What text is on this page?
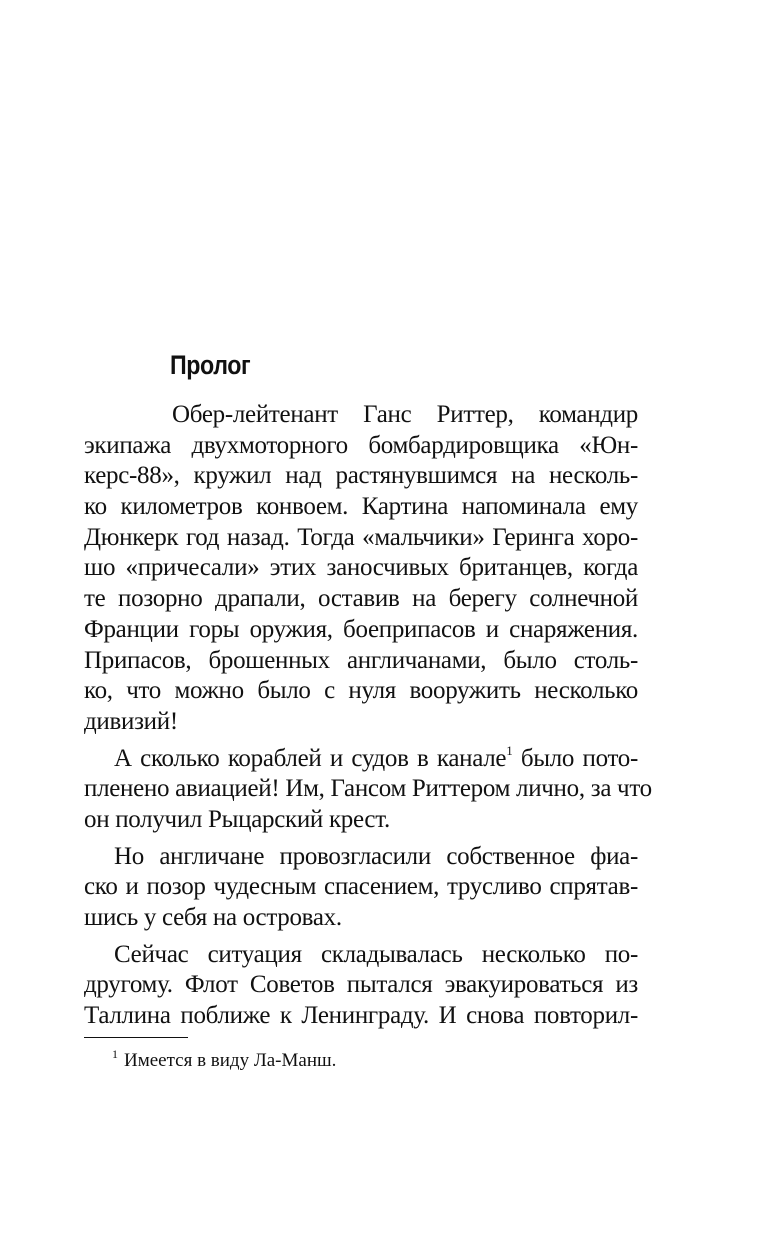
Пролог
Обер-лейтенант Ганс Риттер, командир
экипажа двухмоторного бомбардировщика «Юн-
керс-88», кружил над растянувшимся на несколь-
ко километров конвоем. Картина напоминала ему
Дюнкерк год назад. Тогда «мальчики» Геринга хоро-
шо «причесали» этих заносчивых британцев, когда
те позорно драпали, оставив на берегу солнечной
Франции горы оружия, боеприпасов и снаряжения.
Припасов, брошенных англичанами, было столь-
ко, что можно было с нуля вооружить несколько
дивизий!
А сколько кораблей и судов в канале$^1$ было пото-
пленено авиацией! Им, Гансом Риттером лично, за что
он получил Рыцарский крест.
Но англичане провозгласили собственное фиа-
ско и позор чудесным спасением, трусливо спрятав-
шись у себя на островах.
Сейчас ситуация складывалась несколько по-
другому. Флот Советов пытался эвакуироваться из
Таллина поближе к Ленинграду. И снова повторил-
$^1$ Имеется в виду Ла-Манш.
